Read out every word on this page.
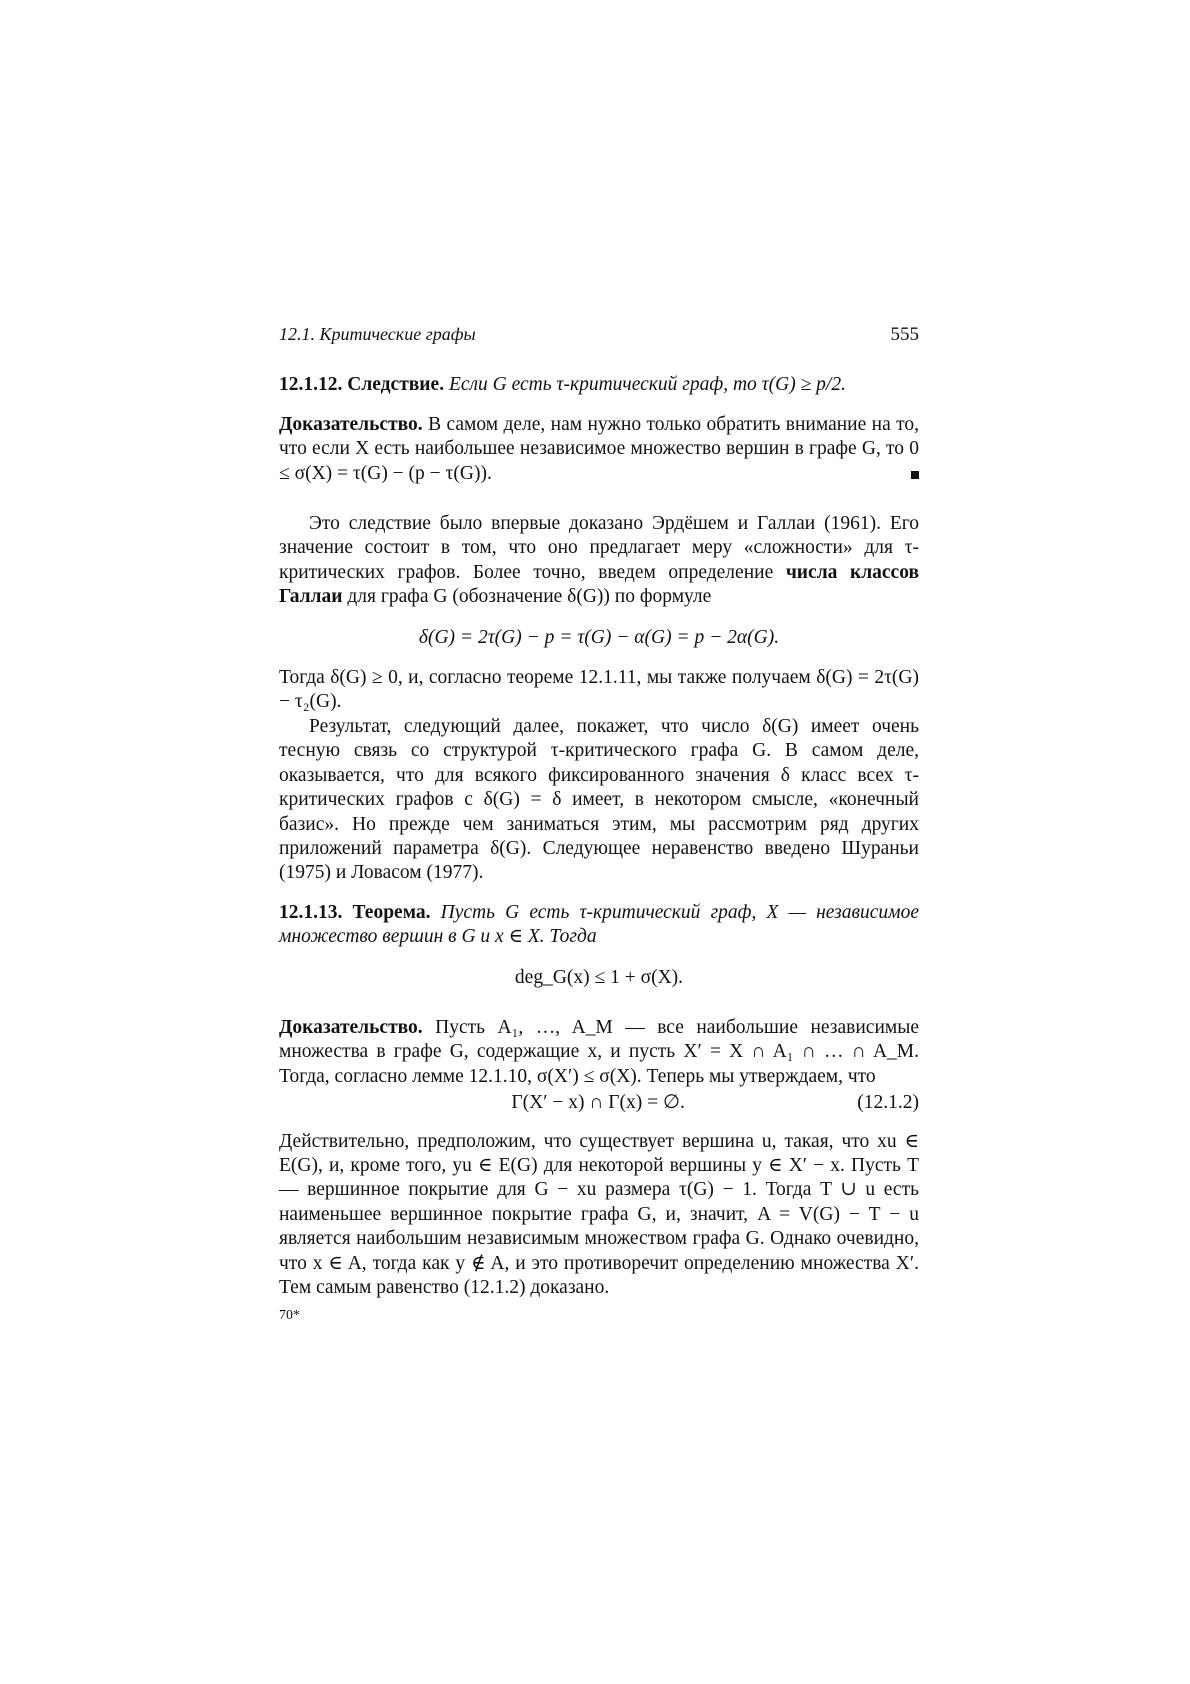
12.1. Критические графы	555

12.1.12. Следствие. Если G есть τ-критический граф, то τ(G) ≥ p/2.

Доказательство. В самом деле, нам нужно только обратить внимание на то, что если X есть наибольшее независимое множество вершин в графе G, то 0 ≤ σ(X) = τ(G) − (p − τ(G)).

Это следствие было впервые доказано Эрдёшем и Галлаи (1961). Его значение состоит в том, что оно предлагает меру «сложности» для τ-критических графов. Более точно, введем определение числа классов Галлаи для графа G (обозначение δ(G)) по формуле

δ(G) = 2τ(G) − p = τ(G) − α(G) = p − 2α(G).

Тогда δ(G) ≥ 0, и, согласно теореме 12.1.11, мы также получаем δ(G) = 2τ(G) − τ₂(G).

Результат, следующий далее, покажет, что число δ(G) имеет очень тесную связь со структурой τ-критического графа G. В самом деле, оказывается, что для всякого фиксированного значения δ класс всех τ-критических графов с δ(G) = δ имеет, в некотором смысле, «конечный базис». Но прежде чем заниматься этим, мы рассмотрим ряд других приложений параметра δ(G). Следующее неравенство введено Шураньи (1975) и Ловасом (1977).

12.1.13. Теорема. Пусть G есть τ-критический граф, X — независимое множество вершин в G и x ∈ X. Тогда

deg_G(x) ≤ 1 + σ(X).

Доказательство. Пусть A₁, …, A_M — все наибольшие независимые множества в графе G, содержащие x, и пусть X′ = X ∩ A₁ ∩ … ∩ A_M. Тогда, согласно лемме 12.1.10, σ(X′) ≤ σ(X). Теперь мы утверждаем, что

Γ(X′ − x) ∩ Γ(x) = ∅.	(12.1.2)

Действительно, предположим, что существует вершина u, такая, что xu ∈ E(G), и, кроме того, yu ∈ E(G) для некоторой вершины y ∈ X′ − x. Пусть T — вершинное покрытие для G − xu размера τ(G) − 1. Тогда T ∪ u есть наименьшее вершинное покрытие графа G, и, значит, A = V(G) − T − u является наибольшим независимым множеством графа G. Однако очевидно, что x ∈ A, тогда как y ∉ A, и это противоречит определению множества X′. Тем самым равенство (12.1.2) доказано.

70*
